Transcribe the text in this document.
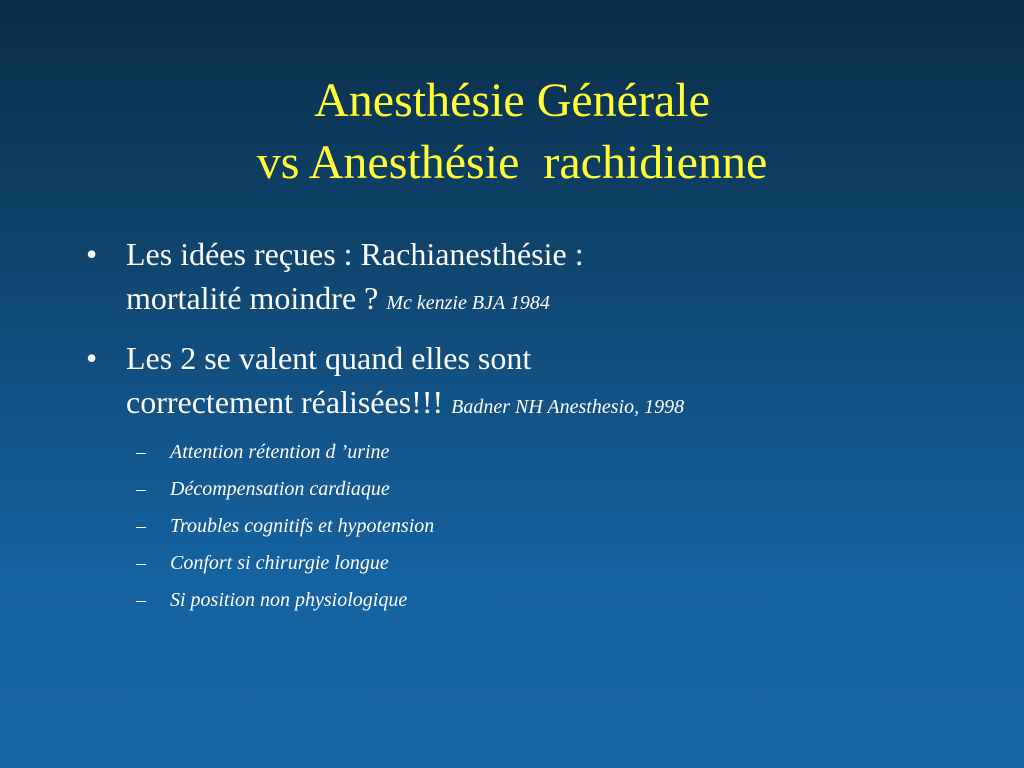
Anesthésie Générale
vs Anesthésie  rachidienne
• Les idées reçues : Rachianesthésie :
mortalité moindre ? Mc kenzie BJA 1984
• Les 2 se valent quand elles sont
correctement réalisées!!! Badner NH Anesthesio, 1998
– Attention rétention d ’urine
– Décompensation cardiaque
– Troubles cognitifs et hypotension
– Confort si chirurgie longue
– Si position non physiologique
